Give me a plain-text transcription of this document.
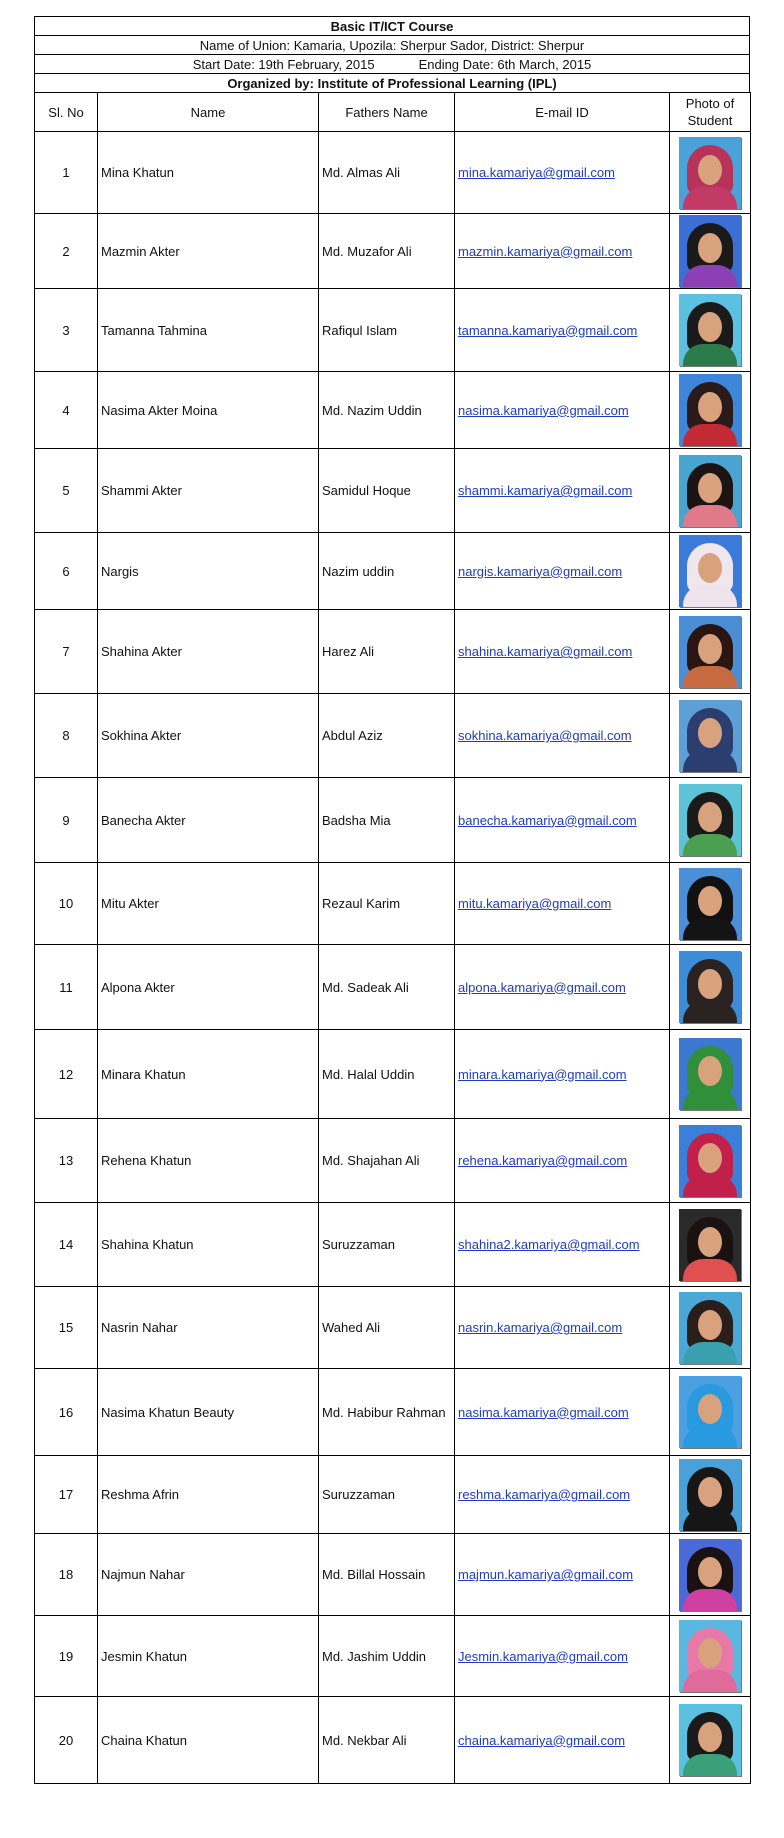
Basic IT/ICT Course
Name of Union: Kamaria, Upozila: Sherpur Sador, District: Sherpur
Start Date: 19th February, 2015	Ending Date: 6th March, 2015
Organized by: Institute of Professional Learning (IPL)
Sl. No	Name	Fathers Name	E-mail ID	Photo of Student
1	Mina Khatun	Md. Almas Ali	mina.kamariya@gmail.com	

2	Mazmin Akter	Md. Muzafor Ali	mazmin.kamariya@gmail.com	

3	Tamanna Tahmina	Rafiqul Islam	tamanna.kamariya@gmail.com	

4	Nasima Akter Moina	Md. Nazim Uddin	nasima.kamariya@gmail.com	

5	Shammi Akter	Samidul Hoque	shammi.kamariya@gmail.com	

6	Nargis	Nazim uddin	nargis.kamariya@gmail.com	

7	Shahina Akter	Harez Ali	shahina.kamariya@gmail.com	

8	Sokhina Akter	Abdul Aziz	sokhina.kamariya@gmail.com	

9	Banecha Akter	Badsha Mia	banecha.kamariya@gmail.com	

10	Mitu Akter	Rezaul Karim	mitu.kamariya@gmail.com	

11	Alpona Akter	Md. Sadeak Ali	alpona.kamariya@gmail.com	

12	Minara Khatun	Md. Halal Uddin	minara.kamariya@gmail.com	

13	Rehena Khatun	Md. Shajahan Ali	rehena.kamariya@gmail.com	

14	Shahina Khatun	Suruzzaman	shahina2.kamariya@gmail.com	

15	Nasrin Nahar	Wahed Ali	nasrin.kamariya@gmail.com	

16	Nasima Khatun Beauty	Md. Habibur Rahman	nasima.kamariya@gmail.com	

17	Reshma Afrin	Suruzzaman	reshma.kamariya@gmail.com	

18	Najmun Nahar	Md. Billal Hossain	majmun.kamariya@gmail.com	

19	Jesmin Khatun	Md. Jashim Uddin	Jesmin.kamariya@gmail.com	

20	Chaina Khatun	Md. Nekbar Ali	chaina.kamariya@gmail.com	
